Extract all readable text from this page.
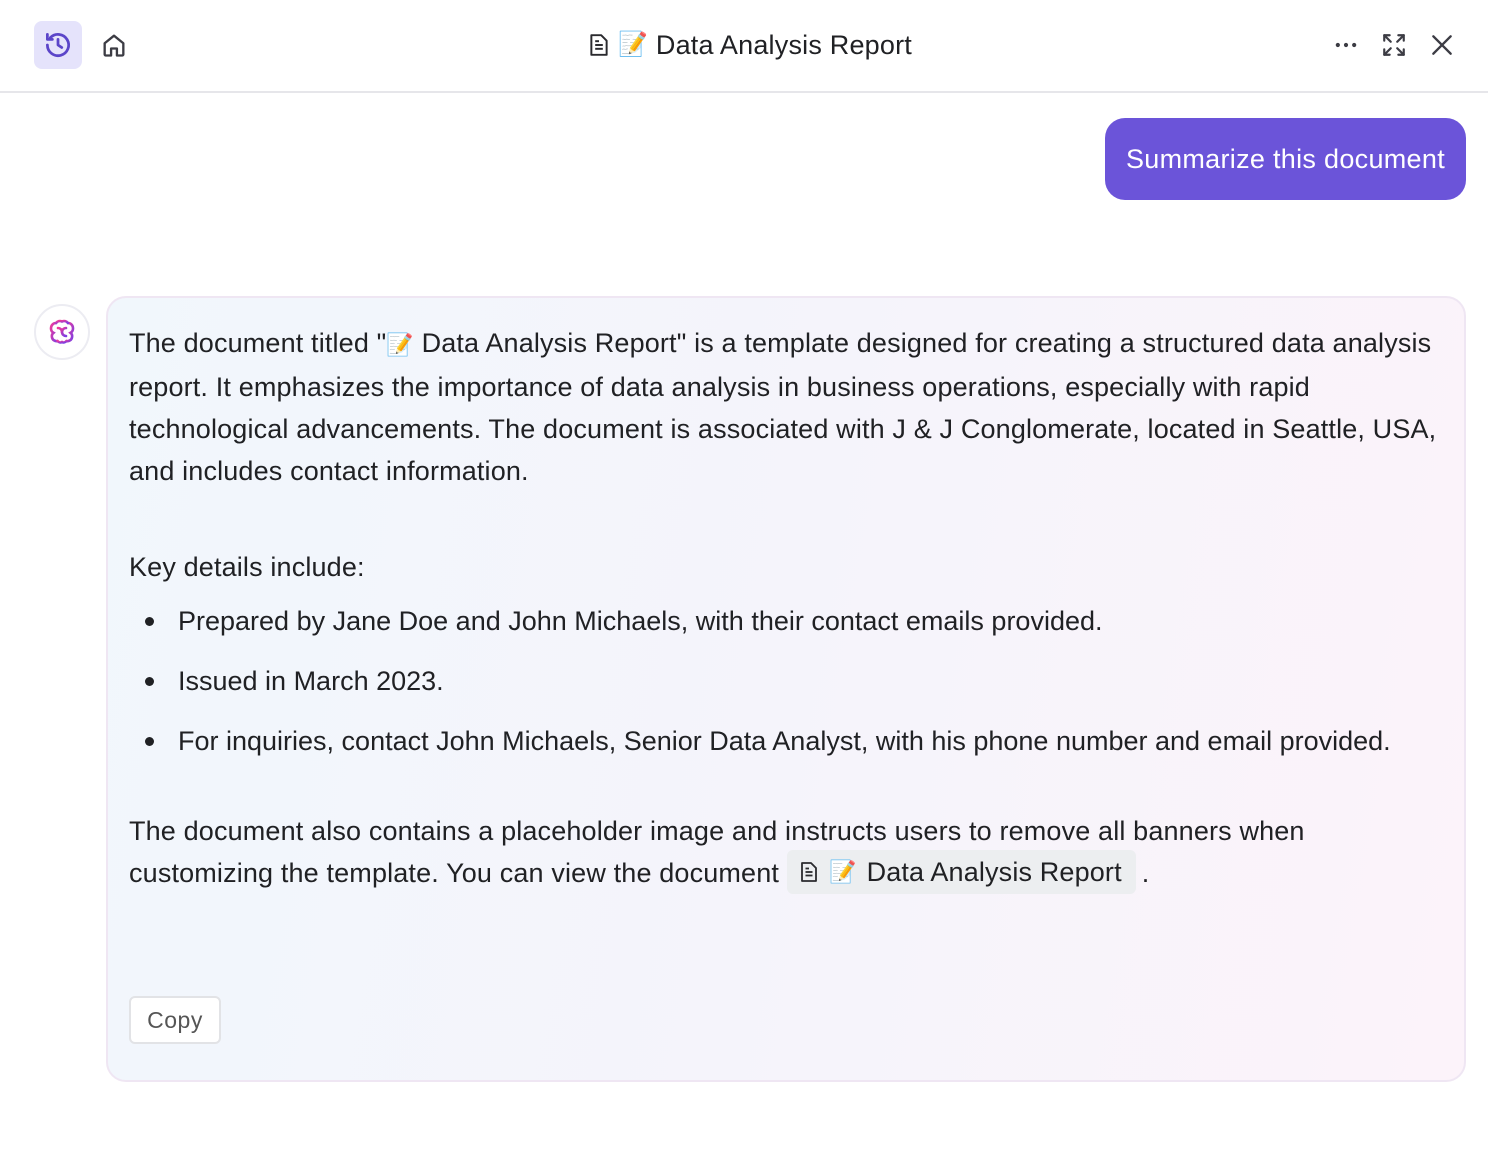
📝 Data Analysis Report
Summarize this document

The document titled "📝 Data Analysis Report" is a template designed for creating a structured data analysis report. It emphasizes the importance of data analysis in business operations, especially with rapid technological advancements. The document is associated with J & J Conglomerate, located in Seattle, USA, and includes contact information.

Key details include:

Prepared by Jane Doe and John Michaels, with their contact emails provided.
Issued in March 2023.
For inquiries, contact John Michaels, Senior Data Analyst, with his phone number and email provided.

The document also contains a placeholder image and instructs users to remove all banners when customizing the template. You can view the document 📝 Data Analysis Report .

Copy
